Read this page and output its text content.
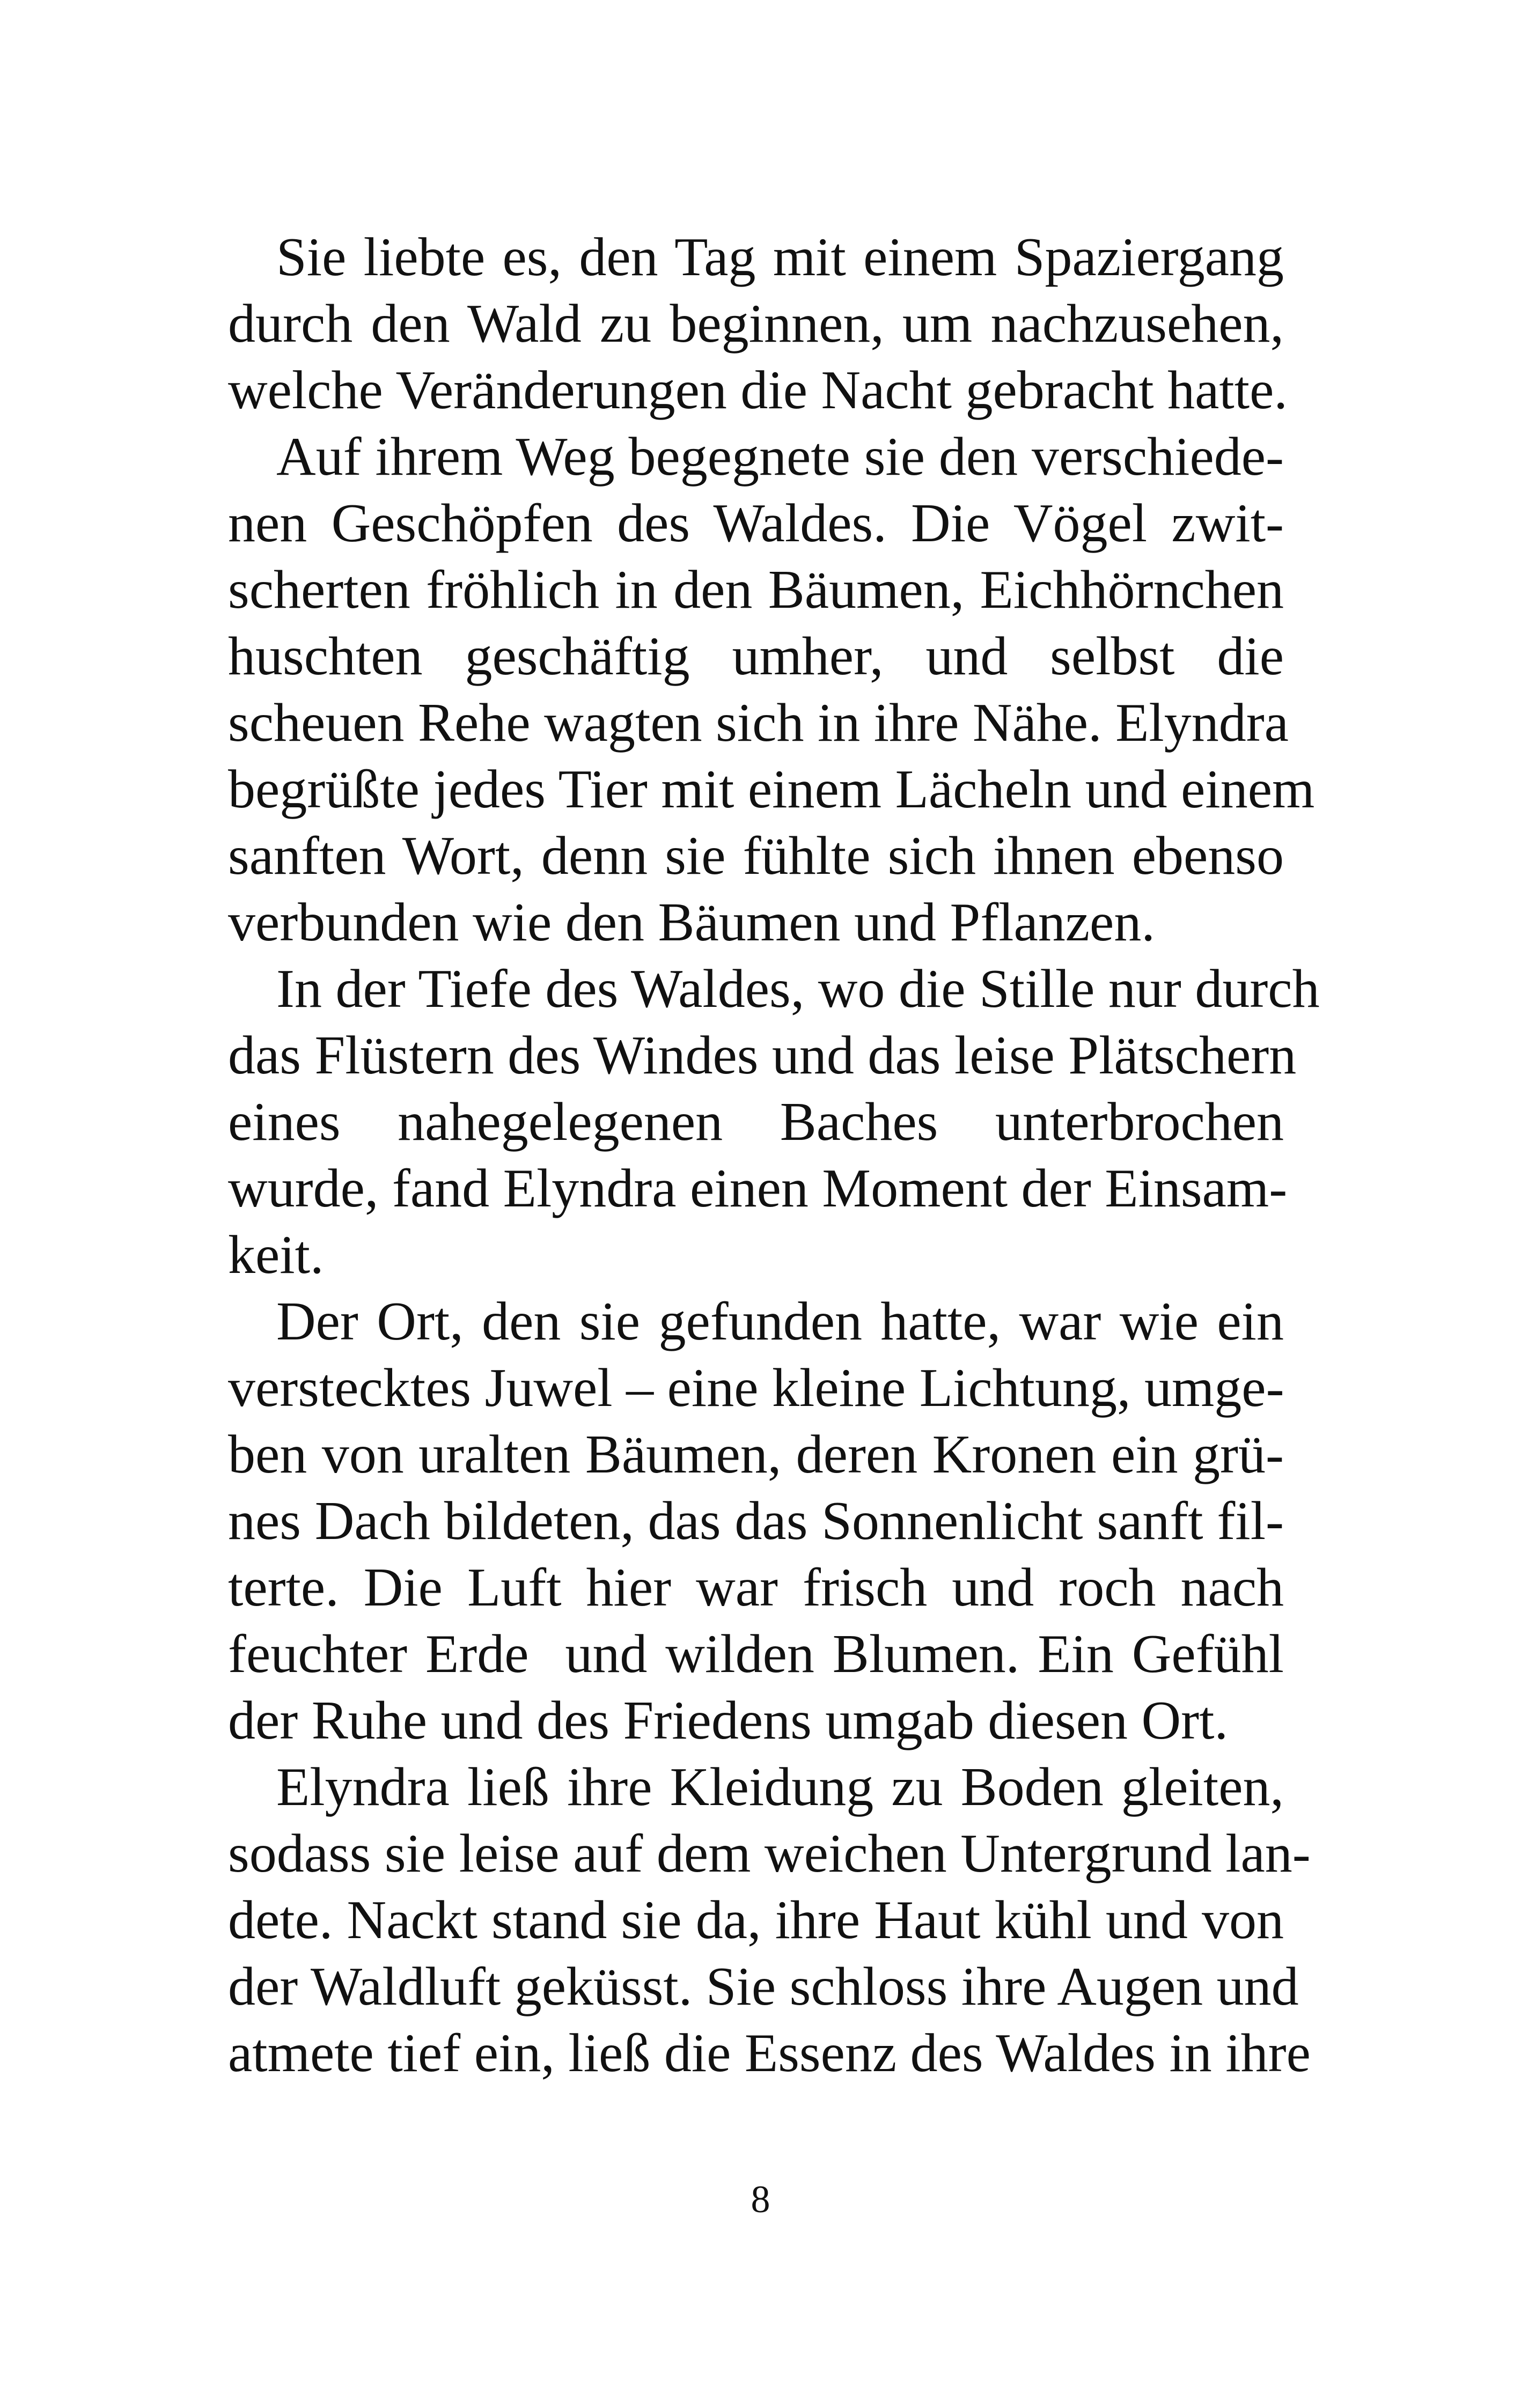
Sie liebte es, den Tag mit einem Spaziergang
durch den Wald zu beginnen, um nachzusehen,
welche Veränderungen die Nacht gebracht hatte.
Auf ihrem Weg begegnete sie den verschiede-
nen Geschöpfen des Waldes. Die Vögel zwit-
scherten fröhlich in den Bäumen, Eichhörnchen
huschten geschäftig umher, und selbst die
scheuen Rehe wagten sich in ihre Nähe. Elyndra
begrüßte jedes Tier mit einem Lächeln und einem
sanften Wort, denn sie fühlte sich ihnen ebenso
verbunden wie den Bäumen und Pflanzen.
In der Tiefe des Waldes, wo die Stille nur durch
das Flüstern des Windes und das leise Plätschern
eines nahegelegenen Baches unterbrochen
wurde, fand Elyndra einen Moment der Einsam-
keit.
Der Ort, den sie gefunden hatte, war wie ein
verstecktes Juwel – eine kleine Lichtung, umge-
ben von uralten Bäumen, deren Kronen ein grü-
nes Dach bildeten, das das Sonnenlicht sanft fil-
terte. Die Luft hier war frisch und roch nach
feuchter Erde  und wilden Blumen. Ein Gefühl
der Ruhe und des Friedens umgab diesen Ort.
Elyndra ließ ihre Kleidung zu Boden gleiten,
sodass sie leise auf dem weichen Untergrund lan-
dete. Nackt stand sie da, ihre Haut kühl und von
der Waldluft geküsst. Sie schloss ihre Augen und
atmete tief ein, ließ die Essenz des Waldes in ihre
8
